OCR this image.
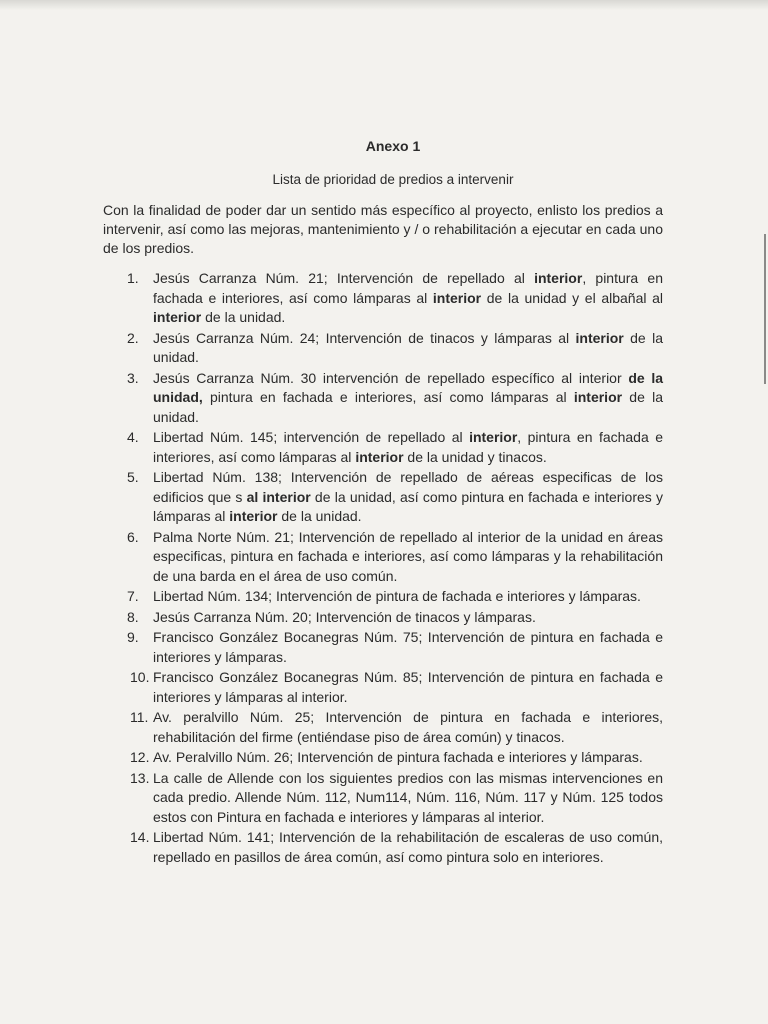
Anexo 1
Lista de prioridad de predios a intervenir

Con la finalidad de poder dar un sentido más específico al proyecto, enlisto los predios a intervenir, así como las mejoras, mantenimiento y / o rehabilitación a ejecutar en cada uno de los predios.

1. Jesús Carranza Núm. 21; Intervención de repellado al interior, pintura en fachada e interiores, así como lámparas al interior de la unidad y el albañal al interior de la unidad.
2. Jesús Carranza Núm. 24; Intervención de tinacos y lámparas al interior de la unidad.
3. Jesús Carranza Núm. 30 intervención de repellado específico al interior de la unidad, pintura en fachada e interiores, así como lámparas al interior de la unidad.
4. Libertad Núm. 145; intervención de repellado al interior, pintura en fachada e interiores, así como lámparas al interior de la unidad y tinacos.
5. Libertad Núm. 138; Intervención de repellado de aéreas especificas de los edificios que s al interior de la unidad, así como pintura en fachada e interiores y lámparas al interior de la unidad.
6. Palma Norte Núm. 21; Intervención de repellado al interior de la unidad en áreas especificas, pintura en fachada e interiores, así como lámparas y la rehabilitación de una barda en el área de uso común.
7. Libertad Núm. 134; Intervención de pintura de fachada e interiores y lámparas.
8. Jesús Carranza Núm. 20; Intervención de tinacos y lámparas.
9. Francisco González Bocanegras Núm. 75; Intervención de pintura en fachada e interiores y lámparas.
10. Francisco González Bocanegras Núm. 85; Intervención de pintura en fachada e interiores y lámparas al interior.
11. Av. peralvillo Núm. 25; Intervención de pintura en fachada e interiores, rehabilitación del firme (entiéndase piso de área común) y tinacos.
12. Av. Peralvillo Núm. 26; Intervención de pintura fachada e interiores y lámparas.
13. La calle de Allende con los siguientes predios con las mismas intervenciones en cada predio. Allende Núm. 112, Num114, Núm. 116, Núm. 117 y Núm. 125 todos estos con Pintura en fachada e interiores y lámparas al interior.
14. Libertad Núm. 141; Intervención de la rehabilitación de escaleras de uso común, repellado en pasillos de área común, así como pintura solo en interiores.
